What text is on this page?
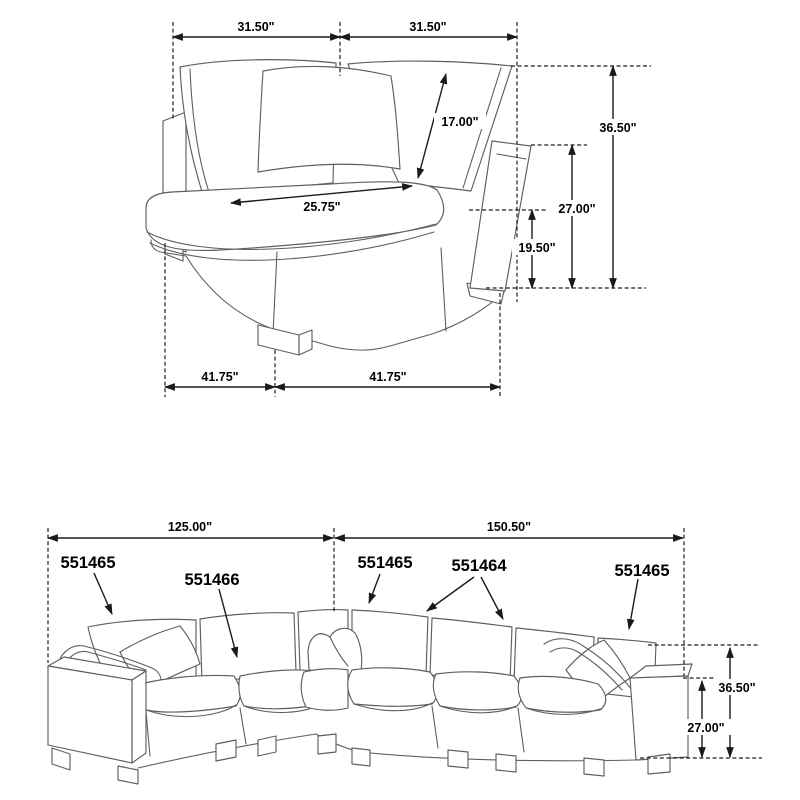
31.50"	31.50"
17.00"	36.50"
27.00"
19.50"
25.75"
41.75"	41.75"
125.00"	150.50"
36.50"
27.00"
551465
551466
551465 551464	551465
